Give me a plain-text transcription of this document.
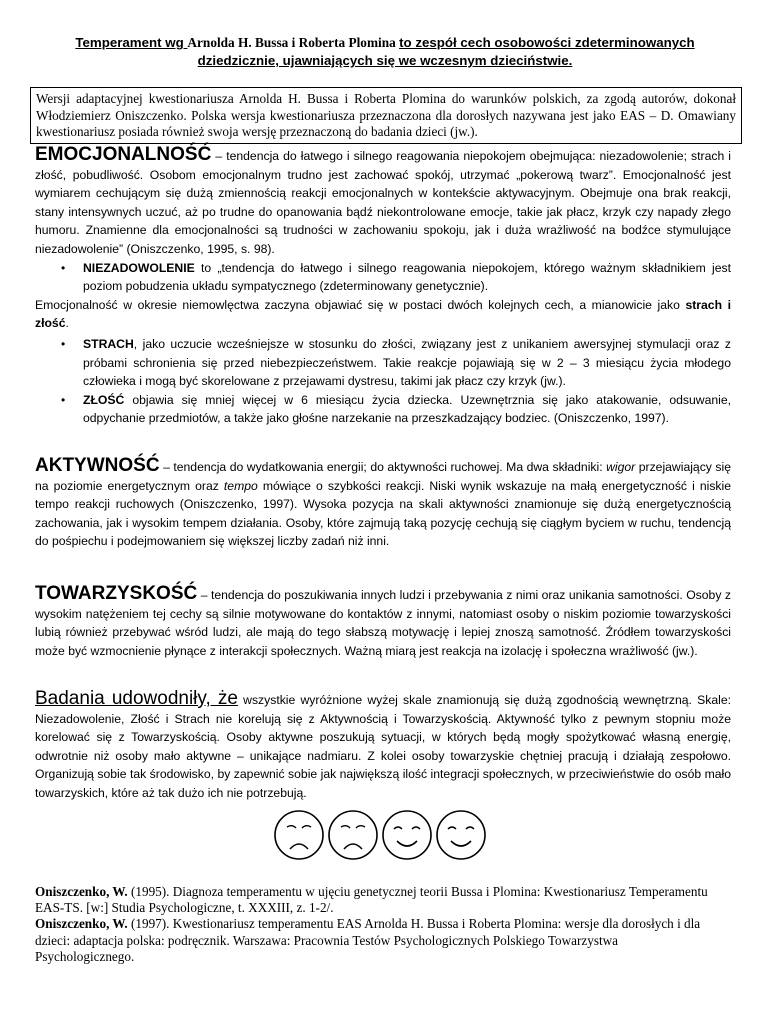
Temperament wg Arnolda H. Bussa i Roberta Plomina to zespół cech osobowości zdeterminowanych
dziedzicznie, ujawniających się we wczesnym dzieciństwie.
Wersji adaptacyjnej kwestionariusza Arnolda H. Bussa i Roberta Plomina do warunków polskich, za zgodą autorów, dokonał Włodziemierz Oniszczenko. Polska wersja kwestionariusza przeznaczona dla dorosłych nazywana jest jako EAS – D. Omawiany kwestionariusz posiada również swoja wersję przeznaczoną do badania dzieci (jw.).
EMOCJONALNOŚĆ – tendencja do łatwego i silnego reagowania niepokojem obejmująca: niezadowolenie; strach i złość, pobudliwość. Osobom emocjonalnym trudno jest zachować spokój, utrzymać „pokerową twarz”. Emocjonalność jest wymiarem cechującym się dużą zmiennością reakcji emocjonalnych w kontekście aktywacyjnym. Obejmuje ona brak reakcji, stany intensywnych uczuć, aż po trudne do opanowania bądź niekontrolowane emocje, takie jak płacz, krzyk czy napady złego humoru. Znamienne dla emocjonalności są trudności w zachowaniu spokoju, jak i duża wrażliwość na bodźce stymulujące niezadowolenie” (Oniszczenko, 1995, s. 98).
• NIEZADOWOLENIE to „tendencja do łatwego i silnego reagowania niepokojem, którego ważnym składnikiem jest poziom pobudzenia układu sympatycznego (zdeterminowany genetycznie).
Emocjonalność w okresie niemowlęctwa zaczyna objawiać się w postaci dwóch kolejnych cech, a mianowicie jako strach i złość.
• STRACH, jako uczucie wcześniejsze w stosunku do złości, związany jest z unikaniem awersyjnej stymulacji oraz z próbami schronienia się przed niebezpieczeństwem. Takie reakcje pojawiają się w 2 – 3 miesiącu życia młodego człowieka i mogą być skorelowane z przejawami dystresu, takimi jak płacz czy krzyk (jw.).
• ZŁOŚĆ objawia się mniej więcej w 6 miesiącu życia dziecka. Uzewnętrznia się jako atakowanie, odsuwanie, odpychanie przedmiotów, a także jako głośne narzekanie na przeszkadzający bodziec. (Oniszczenko, 1997).
AKTYWNOŚĆ – tendencja do wydatkowania energii; do aktywności ruchowej. Ma dwa składniki: wigor przejawiający się na poziomie energetycznym oraz tempo mówiące o szybkości reakcji. Niski wynik wskazuje na małą energetyczność i niskie tempo reakcji ruchowych (Oniszczenko, 1997). Wysoka pozycja na skali aktywności znamionuje się dużą energetycznością zachowania, jak i wysokim tempem działania. Osoby, które zajmują taką pozycję cechują się ciągłym byciem w ruchu, tendencją do pośpiechu i podejmowaniem się większej liczby zadań niż inni.
TOWARZYSKOŚĆ – tendencja do poszukiwania innych ludzi i przebywania z nimi oraz unikania samotności. Osoby z wysokim natężeniem tej cechy są silnie motywowane do kontaktów z innymi, natomiast osoby o niskim poziomie towarzyskości lubią również przebywać wśród ludzi, ale mają do tego słabszą motywację i lepiej znoszą samotność. Źródłem towarzyskości może być wzmocnienie płynące z interakcji społecznych. Ważną miarą jest reakcja na izolację i społeczna wrażliwość (jw.).
Badania udowodniły, że wszystkie wyróżnione wyżej skale znamionują się dużą zgodnością wewnętrzną. Skale: Niezadowolenie, Złość i Strach nie korelują się z Aktywnością i Towarzyskością. Aktywność tylko z pewnym stopniu może korelować się z Towarzyskością. Osoby aktywne poszukują sytuacji, w których będą mogły spożytkować własną energię, odwrotnie niż osoby mało aktywne – unikające nadmiaru. Z kolei osoby towarzyskie chętniej pracują i działają zespołowo. Organizują sobie tak środowisko, by zapewnić sobie jak największą ilość integracji społecznych, w przeciwieństwie do osób mało towarzyskich, które aż tak dużo ich nie potrzebują.
Oniszczenko, W. (1995). Diagnoza temperamentu w ujęciu genetycznej teorii Bussa i Plomina: Kwestionariusz Temperamentu EAS-TS. [w:] Studia Psychologiczne, t. XXXIII, z. 1-2/.
Oniszczenko, W. (1997). Kwestionariusz temperamentu EAS Arnolda H. Bussa i Roberta Plomina: wersje dla dorosłych i dla dzieci: adaptacja polska: podręcznik. Warszawa: Pracownia Testów Psychologicznych Polskiego Towarzystwa Psychologicznego.
